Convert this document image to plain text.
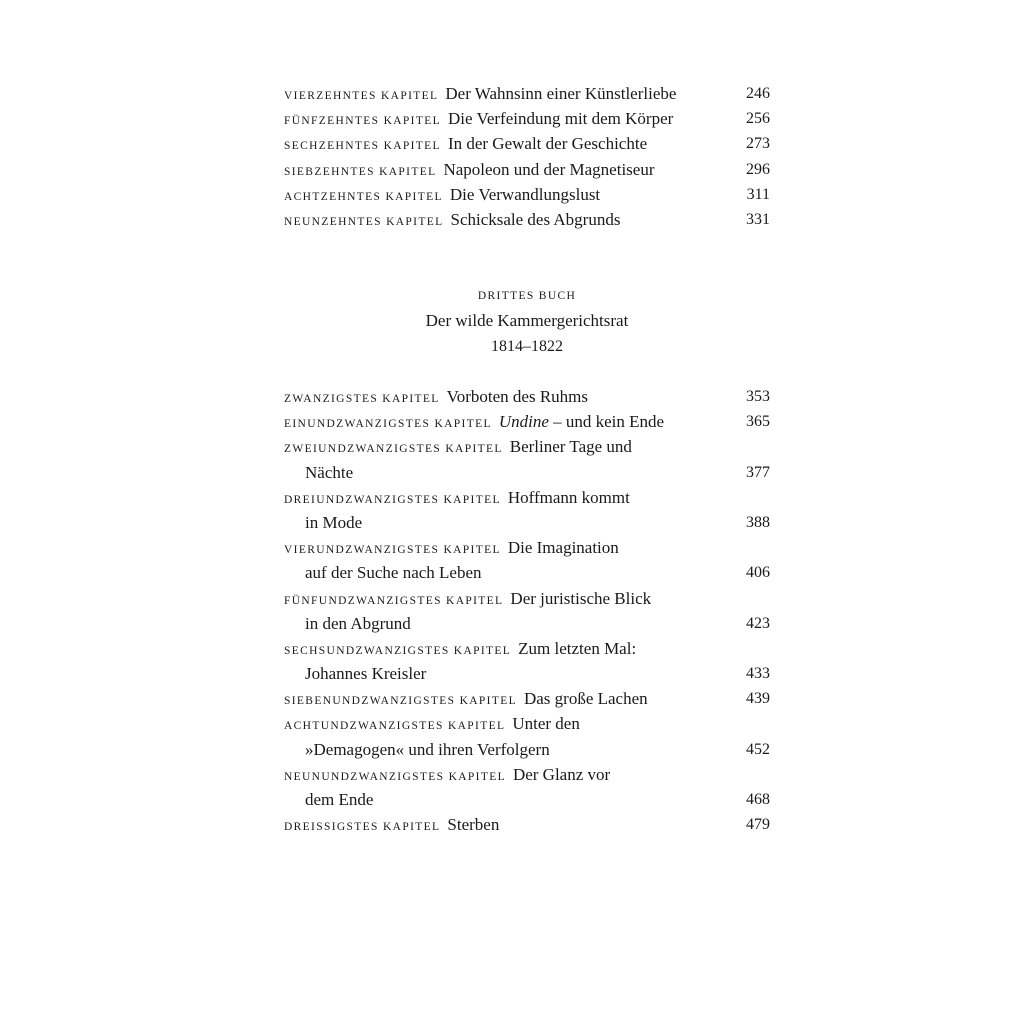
VIERZEHNTES KAPITEL Der Wahnsinn einer Künstlerliebe	246
FÜNFZEHNTES KAPITEL Die Verfeindung mit dem Körper	256
SECHZEHNTES KAPITEL In der Gewalt der Geschichte	273
SIEBZEHNTES KAPITEL Napoleon und der Magnetiseur	296
ACHTZEHNTES KAPITEL Die Verwandlungslust	311
NEUNZEHNTES KAPITEL Schicksale des Abgrunds	331
DRITTES BUCH
Der wilde Kammergerichtsrat
1814–1822
ZWANZIGSTES KAPITEL Vorboten des Ruhms	353
EINUNDZWANZIGSTES KAPITEL Undine – und kein Ende	365
ZWEIUNDZWANZIGSTES KAPITEL Berliner Tage und
Nächte	377
DREIUNDZWANZIGSTES KAPITEL Hoffmann kommt
in Mode	388
VIERUNDZWANZIGSTES KAPITEL Die Imagination
auf der Suche nach Leben	406
FÜNFUNDZWANZIGSTES KAPITEL Der juristische Blick
in den Abgrund	423
SECHSUNDZWANZIGSTES KAPITEL Zum letzten Mal:
Johannes Kreisler	433
SIEBENUNDZWANZIGSTES KAPITEL Das große Lachen	439
ACHTUNDZWANZIGSTES KAPITEL Unter den
»Demagogen« und ihren Verfolgern	452
NEUNUNDZWANZIGSTES KAPITEL Der Glanz vor
dem Ende	468
DREISSIGSTES KAPITEL Sterben	479
